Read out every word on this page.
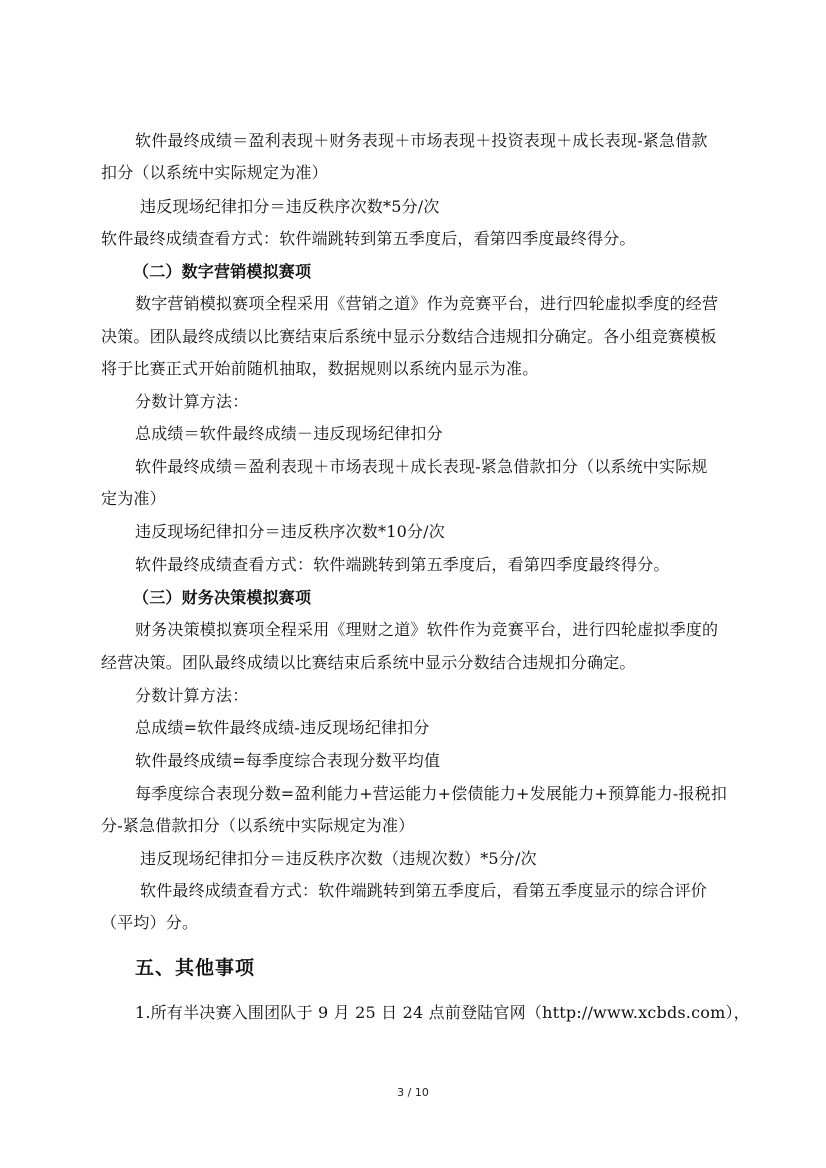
软件最终成绩＝盈利表现＋财务表现＋市场表现＋投资表现＋成长表现-紧急借款
扣分（以系统中实际规定为准）
违反现场纪律扣分＝违反秩序次数*5分/次
软件最终成绩查看方式：软件端跳转到第五季度后，看第四季度最终得分。
（二）数字营销模拟赛项
数字营销模拟赛项全程采用《营销之道》作为竞赛平台，进行四轮虚拟季度的经营
决策。团队最终成绩以比赛结束后系统中显示分数结合违规扣分确定。各小组竞赛模板
将于比赛正式开始前随机抽取，数据规则以系统内显示为准。
分数计算方法：
总成绩＝软件最终成绩－违反现场纪律扣分
软件最终成绩＝盈利表现＋市场表现＋成长表现-紧急借款扣分（以系统中实际规
定为准）
违反现场纪律扣分＝违反秩序次数*10分/次
软件最终成绩查看方式：软件端跳转到第五季度后，看第四季度最终得分。
（三）财务决策模拟赛项
财务决策模拟赛项全程采用《理财之道》软件作为竞赛平台，进行四轮虚拟季度的
经营决策。团队最终成绩以比赛结束后系统中显示分数结合违规扣分确定。
分数计算方法：
总成绩=软件最终成绩-违反现场纪律扣分
软件最终成绩=每季度综合表现分数平均值
每季度综合表现分数=盈利能力+营运能力+偿债能力+发展能力+预算能力-报税扣
分-紧急借款扣分（以系统中实际规定为准）
违反现场纪律扣分＝违反秩序次数（违规次数）*5分/次
软件最终成绩查看方式：软件端跳转到第五季度后，看第五季度显示的综合评价
（平均）分。
五、其他事项
1.所有半决赛入围团队于 9 月 25 日 24 点前登陆官网（http://www.xcbds.com），
3 / 10
